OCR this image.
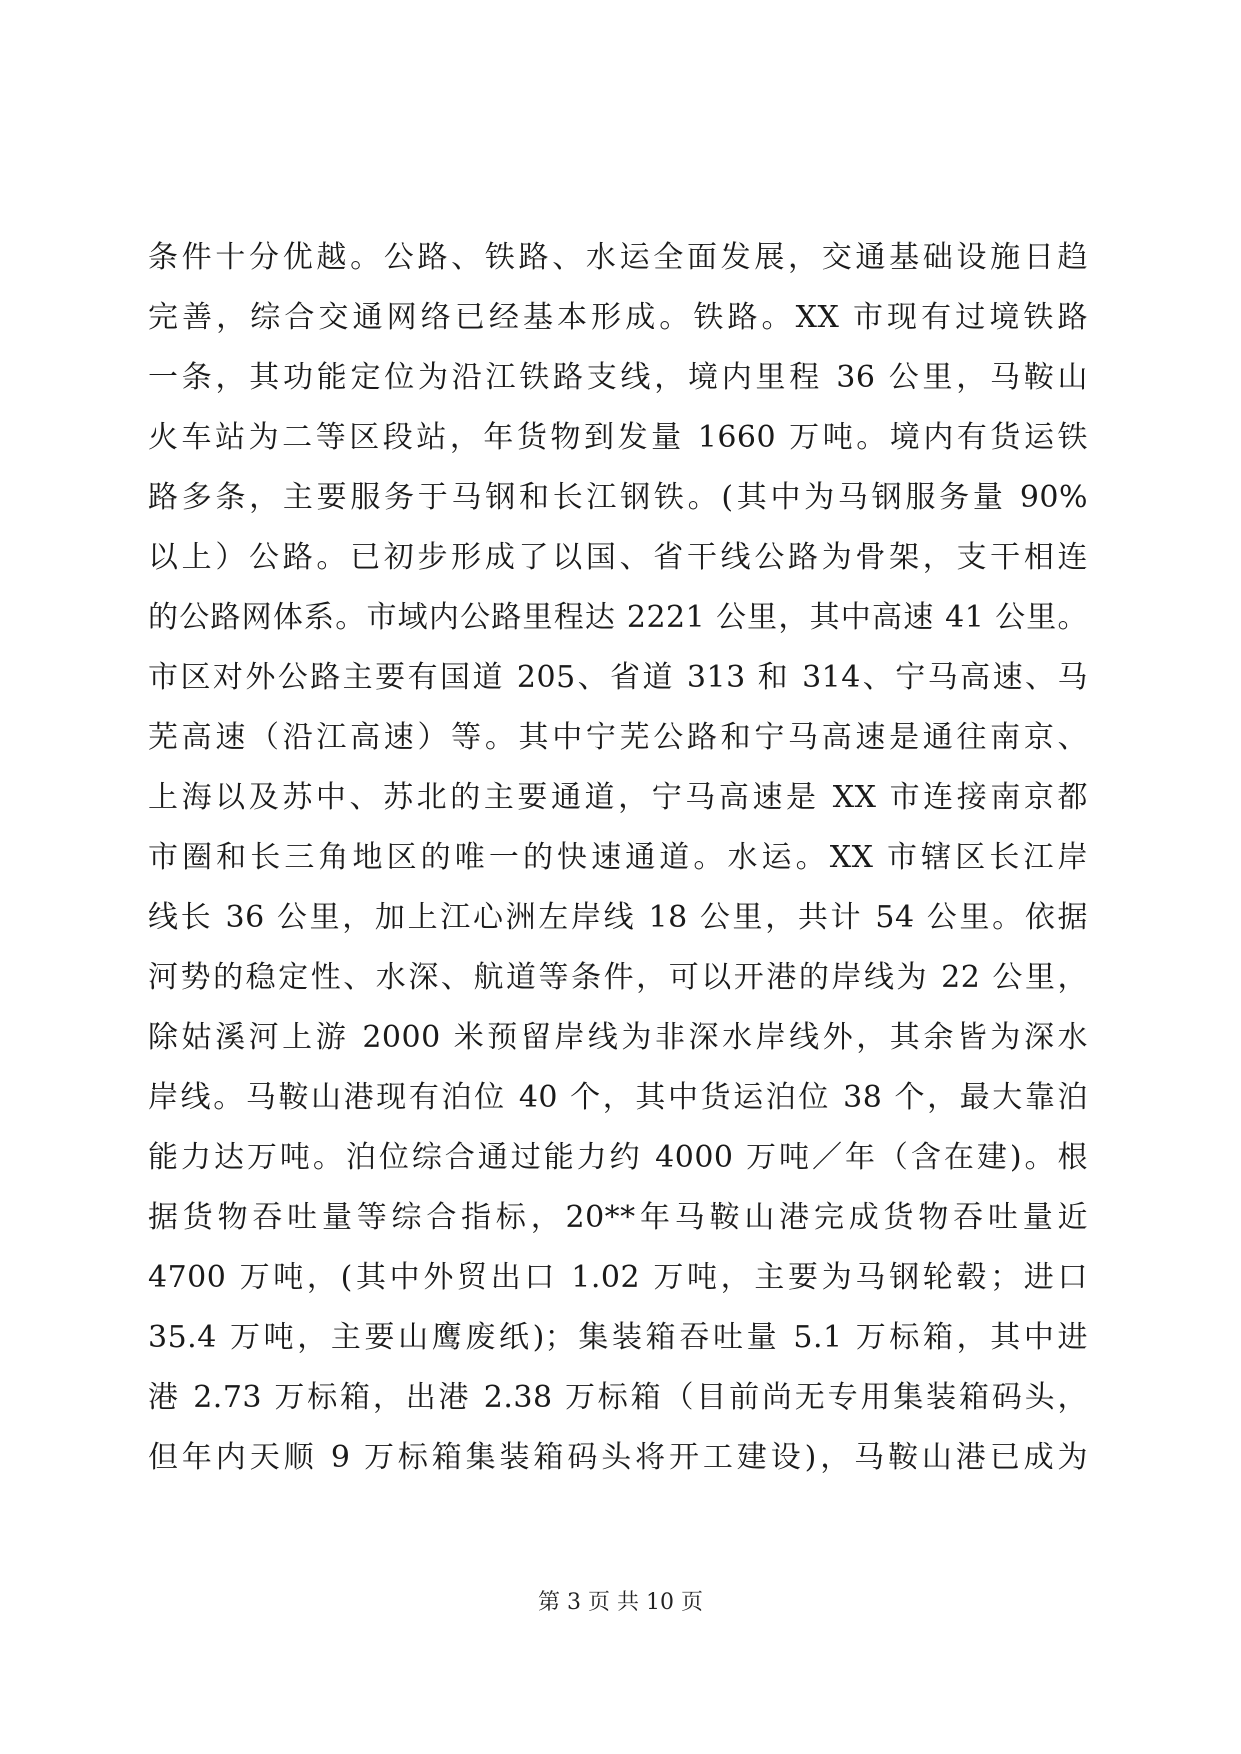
条件十分优越。公路、铁路、水运全面发展，交通基础设施日趋
完善，综合交通网络已经基本形成。铁路。XX 市现有过境铁路
一条，其功能定位为沿江铁路支线，境内里程 36 公里，马鞍山
火车站为二等区段站，年货物到发量 1660 万吨。境内有货运铁
路多条，主要服务于马钢和长江钢铁。(其中为马钢服务量 90%
以上）公路。已初步形成了以国、省干线公路为骨架，支干相连
的公路网体系。市域内公路里程达 2221 公里，其中高速 41 公里。
市区对外公路主要有国道 205、省道 313 和 314、宁马高速、马
芜高速（沿江高速）等。其中宁芜公路和宁马高速是通往南京、
上海以及苏中、苏北的主要通道，宁马高速是 XX 市连接南京都
市圈和长三角地区的唯一的快速通道。水运。XX 市辖区长江岸
线长 36 公里，加上江心洲左岸线 18 公里，共计 54 公里。依据
河势的稳定性、水深、航道等条件，可以开港的岸线为 22 公里，
除姑溪河上游 2000 米预留岸线为非深水岸线外，其余皆为深水
岸线。马鞍山港现有泊位 40 个，其中货运泊位 38 个，最大靠泊
能力达万吨。泊位综合通过能力约 4000 万吨／年（含在建)。根
据货物吞吐量等综合指标，20**年马鞍山港完成货物吞吐量近
4700 万吨，(其中外贸出口 1.02 万吨，主要为马钢轮毂；进口
35.4 万吨，主要山鹰废纸)；集装箱吞吐量 5.1 万标箱，其中进
港 2.73 万标箱，出港 2.38 万标箱（目前尚无专用集装箱码头，
但年内天顺 9 万标箱集装箱码头将开工建设)，马鞍山港已成为
第 3 页 共 10 页
